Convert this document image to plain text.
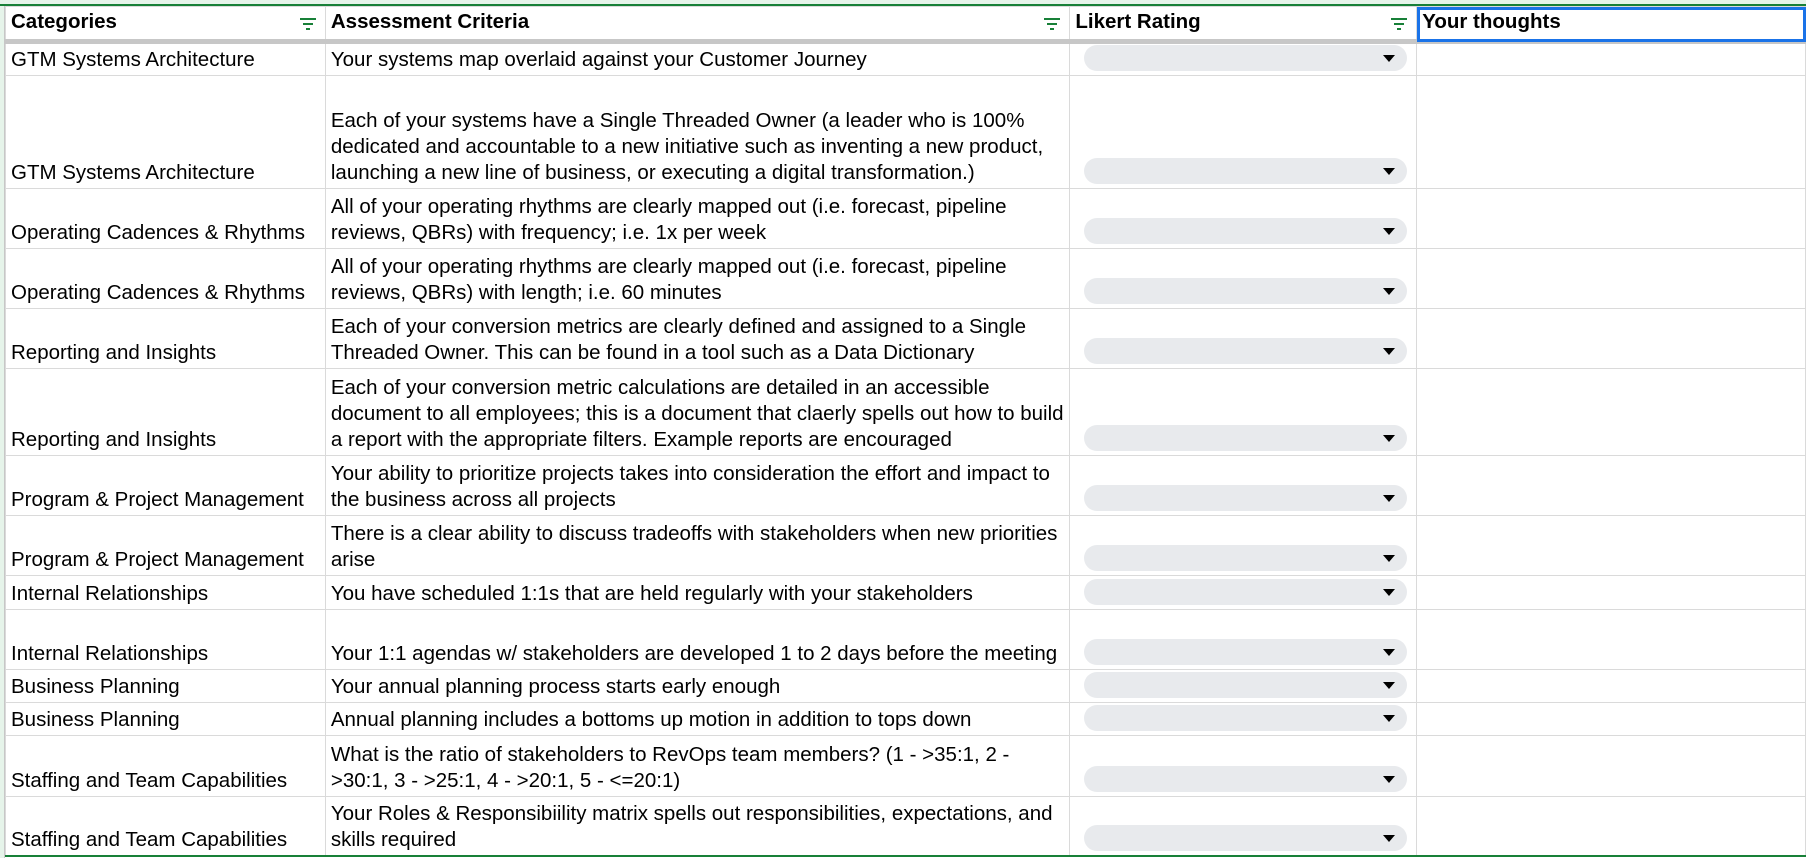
Categories	Assessment Criteria	Likert Rating	Your thoughts
GTM Systems Architecture	Your systems map overlaid against your Customer Journey	

GTM Systems Architecture	Each of your systems have a Single Threaded Owner (a leader who is 100% dedicated and accountable to a new initiative such as inventing a new product, launching a new line of business, or executing a digital transformation.)	

Operating Cadences & Rhythms	All of your operating rhythms are clearly mapped out (i.e. forecast, pipeline reviews, QBRs) with frequency; i.e. 1x per week	

Operating Cadences & Rhythms	All of your operating rhythms are clearly mapped out (i.e. forecast, pipeline reviews, QBRs) with length; i.e. 60 minutes	

Reporting and Insights	Each of your conversion metrics are clearly defined and assigned to a Single Threaded Owner. This can be found in a tool such as a Data Dictionary	

Reporting and Insights	Each of your conversion metric calculations are detailed in an accessible document to all employees; this is a document that claerly spells out how to build a report with the appropriate filters. Example reports are encouraged	

Program & Project Management	Your ability to prioritize projects takes into consideration the effort and impact to the business across all projects	

Program & Project Management	There is a clear ability to discuss tradeoffs with stakeholders when new priorities arise	

Internal Relationships	You have scheduled 1:1s that are held regularly with your stakeholders	

Internal Relationships	Your 1:1 agendas w/ stakeholders are developed 1 to 2 days before the meeting	

Business Planning	Your annual planning process starts early enough	

Business Planning	Annual planning includes a bottoms up motion in addition to tops down	

Staffing and Team Capabilities	What is the ratio of stakeholders to RevOps team members? (1 - >35:1, 2 - >30:1, 3 - >25:1, 4 - >20:1, 5 - <=20:1)	

Staffing and Team Capabilities	Your Roles & Responsibiility matrix spells out responsibilities, expectations, and skills required	
